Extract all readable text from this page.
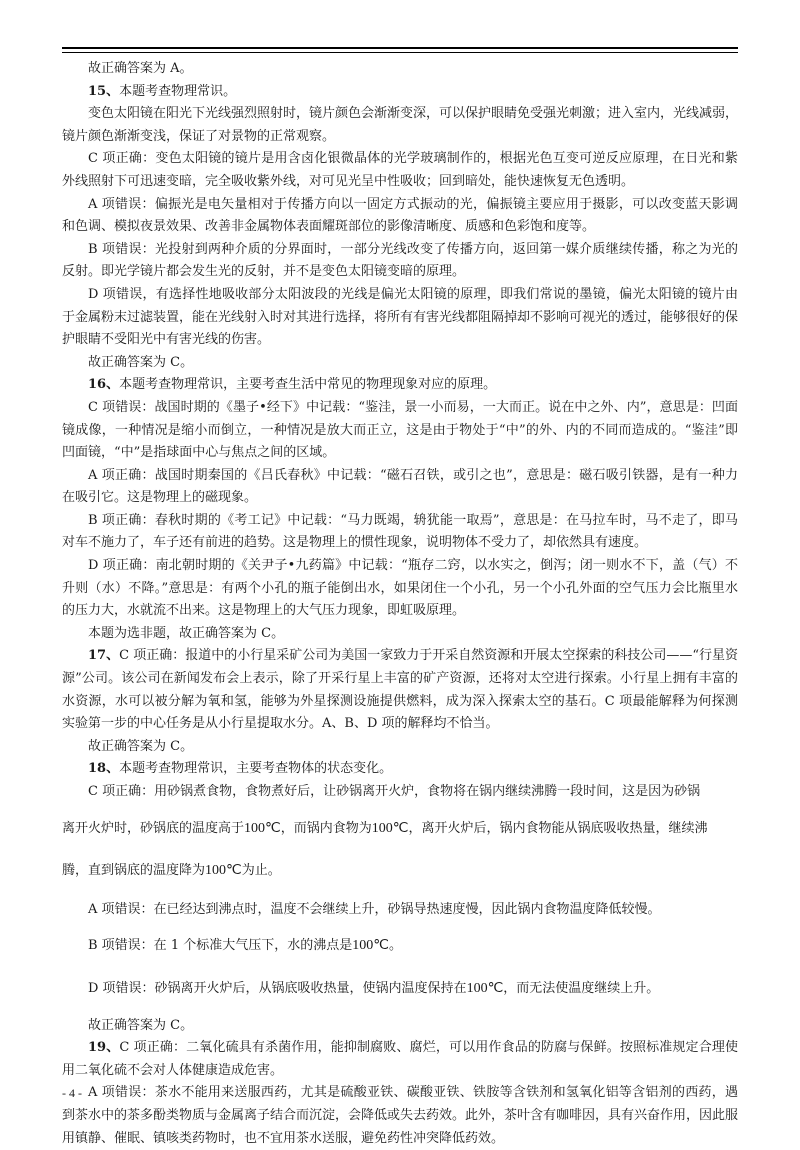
故正确答案为 A。

15、本题考查物理常识。

变色太阳镜在阳光下光线强烈照射时，镜片颜色会渐渐变深，可以保护眼睛免受强光刺激；进入室内，光线减弱，镜片颜色渐渐变浅，保证了对景物的正常观察。

C 项正确：变色太阳镜的镜片是用含卤化银微晶体的光学玻璃制作的，根据光色互变可逆反应原理，在日光和紫外线照射下可迅速变暗，完全吸收紫外线，对可见光呈中性吸收；回到暗处，能快速恢复无色透明。

A 项错误：偏振光是电矢量相对于传播方向以一固定方式振动的光，偏振镜主要应用于摄影，可以改变蓝天影调和色调、模拟夜景效果、改善非金属物体表面耀斑部位的影像清晰度、质感和色彩饱和度等。

B 项错误：光投射到两种介质的分界面时，一部分光线改变了传播方向，返回第一媒介质继续传播，称之为光的反射。即光学镜片都会发生光的反射，并不是变色太阳镜变暗的原理。

D 项错误，有选择性地吸收部分太阳波段的光线是偏光太阳镜的原理，即我们常说的墨镜，偏光太阳镜的镜片由于金属粉末过滤装置，能在光线射入时对其进行选择，将所有有害光线都阻隔掉却不影响可视光的透过，能够很好的保护眼睛不受阳光中有害光线的伤害。

故正确答案为 C。

16、本题考查物理常识，主要考查生活中常见的物理现象对应的原理。

C 项错误：战国时期的《墨子•经下》中记载：“鉴洼，景一小而易，一大而正。说在中之外、内”，意思是：凹面镜成像，一种情况是缩小而倒立，一种情况是放大而正立，这是由于物处于“中”的外、内的不同而造成的。“鉴洼”即凹面镜，“中”是指球面中心与焦点之间的区域。

A 项正确：战国时期秦国的《吕氏春秋》中记载：“磁石召铁，或引之也”，意思是：磁石吸引铁器，是有一种力在吸引它。这是物理上的磁现象。

B 项正确：春秋时期的《考工记》中记载：“马力既竭，辀犹能一取焉”，意思是：在马拉车时，马不走了，即马对车不施力了，车子还有前进的趋势。这是物理上的惯性现象，说明物体不受力了，却依然具有速度。

D 项正确：南北朝时期的《关尹子•九药篇》中记载：“瓶存二窍，以水实之，倒泻；闭一则水不下，盖（气）不升则（水）不降。”意思是：有两个小孔的瓶子能倒出水，如果闭住一个小孔，另一个小孔外面的空气压力会比瓶里水的压力大，水就流不出来。这是物理上的大气压力现象，即虹吸原理。

本题为选非题，故正确答案为 C。

17、C 项正确：报道中的小行星采矿公司为美国一家致力于开采自然资源和开展太空探索的科技公司——“行星资源”公司。该公司在新闻发布会上表示，除了开采行星上丰富的矿产资源，还将对太空进行探索。小行星上拥有丰富的水资源，水可以被分解为氧和氢，能够为外星探测设施提供燃料，成为深入探索太空的基石。C 项最能解释为何探测实验第一步的中心任务是从小行星提取水分。A、B、D 项的解释均不恰当。

故正确答案为 C。

18、本题考查物理常识，主要考查物体的状态变化。

C 项正确：用砂锅煮食物，食物煮好后，让砂锅离开火炉，食物将在锅内继续沸腾一段时间，这是因为砂锅

离开火炉时，砂锅底的温度高于100℃，而锅内食物为100℃，离开火炉后，锅内食物能从锅底吸收热量，继续沸

腾，直到锅底的温度降为100℃为止。

A 项错误：在已经达到沸点时，温度不会继续上升，砂锅导热速度慢，因此锅内食物温度降低较慢。

B 项错误：在 1 个标准大气压下，水的沸点是100℃。

D 项错误：砂锅离开火炉后，从锅底吸收热量，使锅内温度保持在100℃，而无法使温度继续上升。

故正确答案为 C。

19、C 项正确：二氧化硫具有杀菌作用，能抑制腐败、腐烂，可以用作食品的防腐与保鲜。按照标准规定合理使用二氧化硫不会对人体健康造成危害。

A 项错误：茶水不能用来送服西药，尤其是硫酸亚铁、碳酸亚铁、铁胺等含铁剂和氢氧化铝等含铝剂的西药，遇到茶水中的茶多酚类物质与金属离子结合而沉淀，会降低或失去药效。此外，茶叶含有咖啡因，具有兴奋作用，因此服用镇静、催眠、镇咳类药物时，也不宜用茶水送服，避免药性冲突降低药效。

- 4 -
